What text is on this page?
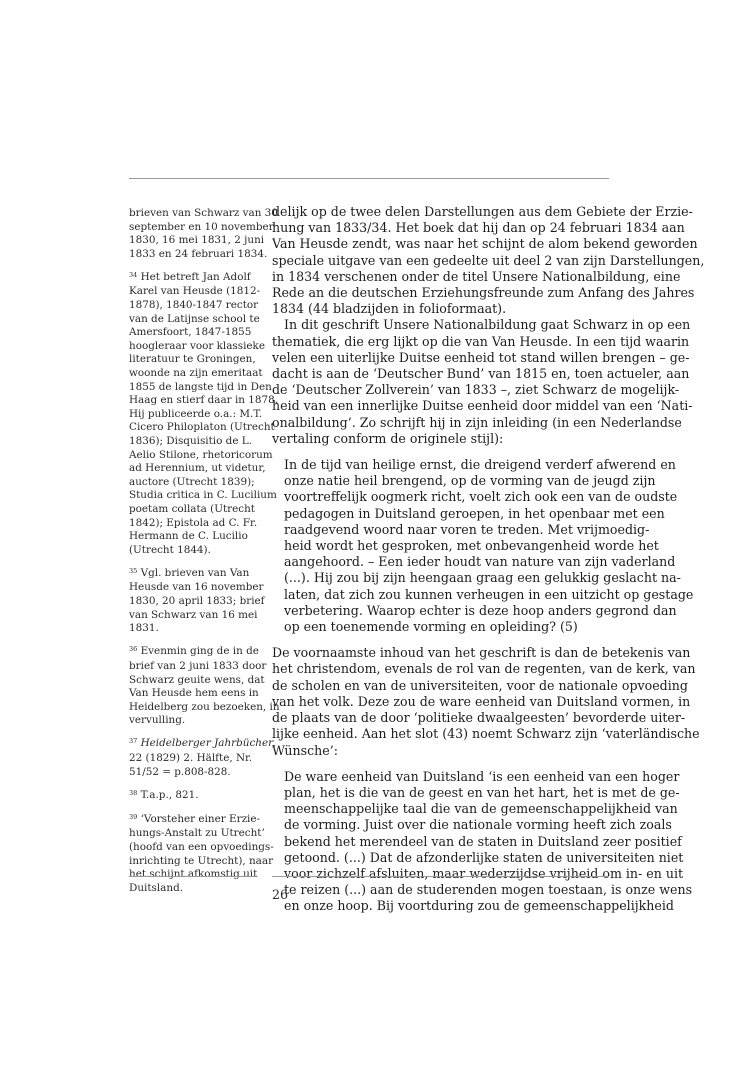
brieven van Schwarz van 30
september en 10 november
1830, 16 mei 1831, 2 juni
1833 en 24 februari 1834.
$^{34}$ Het betreft Jan Adolf
Karel van Heusde (1812-
1878), 1840-1847 rector
van de Latijnse school te
Amersfoort, 1847-1855
hoogleraar voor klassieke
literatuur te Groningen,
woonde na zijn emeritaat
1855 de langste tijd in Den
Haag en stierf daar in 1878.
Hij publiceerde o.a.: M.T.
Cicero Philoplaton (Utrecht
1836); Disquisitio de L.
Aelio Stilone, rhetoricorum
ad Herennium, ut videtur,
auctore (Utrecht 1839);
Studia critica in C. Lucilium
poetam collata (Utrecht
1842); Epistola ad C. Fr.
Hermann de C. Lucilio
(Utrecht 1844).
$^{35}$ Vgl. brieven van Van
Heusde van 16 november
1830, 20 april 1833; brief
van Schwarz van 16 mei
1831.
$^{36}$ Evenmin ging de in de
brief van 2 juni 1833 door
Schwarz geuite wens, dat
Van Heusde hem eens in
Heidelberg zou bezoeken, in
vervulling.
$^{37}$ Heidelberger Jahrbücher,
22 (1829) 2. Hälfte, Nr.
51/52 = p.808-828.
$^{38}$ T.a.p., 821.
$^{39}$ ‘Vorsteher einer Erzie-
hungs-Anstalt zu Utrecht’
(hoofd van een opvoedings-
inrichting te Utrecht), naar
het schijnt afkomstig uit
Duitsland.
delijk op de twee delen Darstellungen aus dem Gebiete der Erzie-
hung van 1833/34. Het boek dat hij dan op 24 februari 1834 aan
Van Heusde zendt, was naar het schijnt de alom bekend geworden
speciale uitgave van een gedeelte uit deel 2 van zijn Darstellungen,
in 1834 verschenen onder de titel Unsere Nationalbildung, eine
Rede an die deutschen Erziehungsfreunde zum Anfang des Jahres
1834 (44 bladzijden in folioformaat).
In dit geschrift Unsere Nationalbildung gaat Schwarz in op een
thematiek, die erg lijkt op die van Van Heusde. In een tijd waarin
velen een uiterlijke Duitse eenheid tot stand willen brengen – ge-
dacht is aan de ‘Deutscher Bund’ van 1815 en, toen actueler, aan
de ‘Deutscher Zollverein’ van 1833 –, ziet Schwarz de mogelijk-
heid van een innerlijke Duitse eenheid door middel van een ‘Nati-
onalbildung’. Zo schrijft hij in zijn inleiding (in een Nederlandse
vertaling conform de originele stijl):
In de tijd van heilige ernst, die dreigend verderf afwerend en
onze natie heil brengend, op de vorming van de jeugd zijn
voortreffelijk oogmerk richt, voelt zich ook een van de oudste
pedagogen in Duitsland geroepen, in het openbaar met een
raadgevend woord naar voren te treden. Met vrijmoedig-
heid wordt het gesproken, met onbevangenheid worde het
aangehoord. – Een ieder houdt van nature van zijn vaderland
(...). Hij zou bij zijn heengaan graag een gelukkig geslacht na-
laten, dat zich zou kunnen verheugen in een uitzicht op gestage
verbetering. Waarop echter is deze hoop anders gegrond dan
op een toenemende vorming en opleiding? (5)
De voornaamste inhoud van het geschrift is dan de betekenis van
het christendom, evenals de rol van de regenten, van de kerk, van
de scholen en van de universiteiten, voor de nationale opvoeding
van het volk. Deze zou de ware eenheid van Duitsland vormen, in
de plaats van de door ‘politieke dwaalgeesten’ bevorderde uiter-
lijke eenheid. Aan het slot (43) noemt Schwarz zijn ‘vaterländische
Wünsche’:
De ware eenheid van Duitsland ‘is een eenheid van een hoger
plan, het is die van de geest en van het hart, het is met de ge-
meenschappelijke taal die van de gemeenschappelijkheid van
de vorming. Juist over die nationale vorming heeft zich zoals
bekend het merendeel van de staten in Duitsland zeer positief
getoond. (...) Dat de afzonderlijke staten de universiteiten niet
voor zichzelf afsluiten, maar wederzijdse vrijheid om in- en uit
te reizen (...) aan de studerenden mogen toestaan, is onze wens
en onze hoop. Bij voortduring zou de gemeenschappelijkheid
26
